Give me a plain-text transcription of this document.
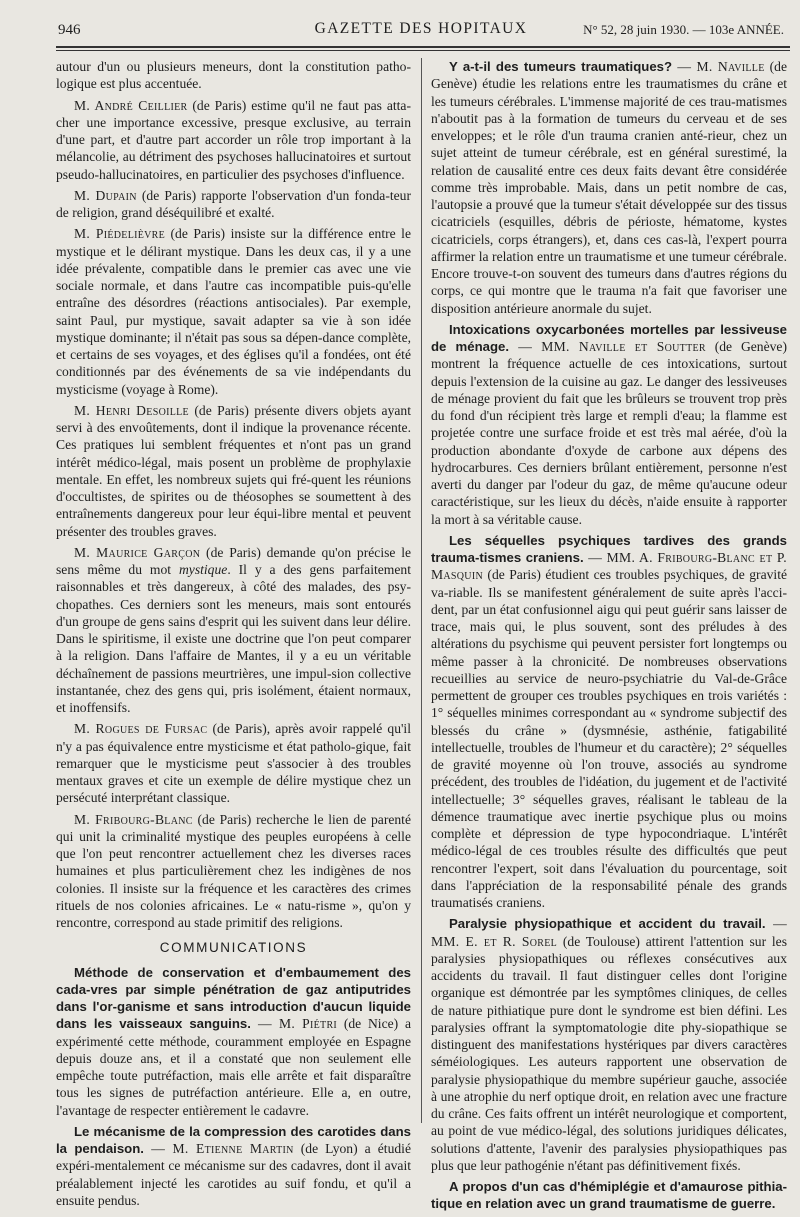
946	GAZETTE DES HOPITAUX	N° 52, 28 juin 1930. — 103e ANNÉE.

autour d'un ou plusieurs meneurs, dont la constitution patho-logique est plus accentuée.

M. André Ceillier (de Paris) estime qu'il ne faut pas atta-cher une importance excessive, presque exclusive, au terrain d'une part, et d'autre part accorder un rôle trop important à la mélancolie, au détriment des psychoses hallucinatoires et surtout pseudo-hallucinatoires, en particulier des psychoses d'influence.

M. Dupain (de Paris) rapporte l'observation d'un fonda-teur de religion, grand déséquilibré et exalté.

M. Piédelièvre (de Paris) insiste sur la différence entre le mystique et le délirant mystique. Dans les deux cas, il y a une idée prévalente, compatible dans le premier cas avec une vie sociale normale, et dans l'autre cas incompatible puis-qu'elle entraîne des désordres (réactions antisociales). Par exemple, saint Paul, pur mystique, savait adapter sa vie à son idée mystique dominante; il n'était pas sous sa dépen-dance complète, et certains de ses voyages, et des églises qu'il a fondées, ont été conditionnés par des événements de sa vie indépendants du mysticisme (voyage à Rome).

M. Henri Desoille (de Paris) présente divers objets ayant servi à des envoûtements, dont il indique la provenance récente. Ces pratiques lui semblent fréquentes et n'ont pas un grand intérêt médico-légal, mais posent un problème de prophylaxie mentale. En effet, les nombreux sujets qui fré-quent les réunions d'occultistes, de spirites ou de théosophes se soumettent à des entraînements dangereux pour leur équi-libre mental et peuvent présenter des troubles graves.

M. Maurice Garçon (de Paris) demande qu'on précise le sens même du mot mystique. Il y a des gens parfaitement raisonnables et très dangereux, à côté des malades, des psy-chopathes. Ces derniers sont les meneurs, mais sont entourés d'un groupe de gens sains d'esprit qui les suivent dans leur délire. Dans le spiritisme, il existe une doctrine que l'on peut comparer à la religion. Dans l'affaire de Mantes, il y a eu un véritable déchaînement de passions meurtrières, une impul-sion collective instantanée, chez des gens qui, pris isolément, étaient normaux, et inoffensifs.

M. Rogues de Fursac (de Paris), après avoir rappelé qu'il n'y a pas équivalence entre mysticisme et état patholo-gique, fait remarquer que le mysticisme peut s'associer à des troubles mentaux graves et cite un exemple de délire mystique chez un persécuté interprétant classique.

M. Fribourg-Blanc (de Paris) recherche le lien de parenté qui unit la criminalité mystique des peuples européens à celle que l'on peut rencontrer actuellement chez les diverses races humaines et plus particulièrement chez les indigènes de nos colonies. Il insiste sur la fréquence et les caractères des crimes rituels de nos colonies africaines. Le « natu-risme », qu'on y rencontre, correspond au stade primitif des religions.

COMMUNICATIONS

Méthode de conservation et d'embaumement des cada-vres par simple pénétration de gaz antiputrides dans l'or-ganisme et sans introduction d'aucun liquide dans les vaisseaux sanguins. — M. Piétri (de Nice) a expérimenté cette méthode, couramment employée en Espagne depuis douze ans, et il a constaté que non seulement elle empêche toute putréfaction, mais elle arrête et fait disparaître tous les signes de putréfaction antérieure. Elle a, en outre, l'avantage de respecter entièrement le cadavre.

Le mécanisme de la compression des carotides dans la pendaison. — M. Etienne Martin (de Lyon) a étudié expéri-mentalement ce mécanisme sur des cadavres, dont il avait préalablement injecté les carotides au suif fondu, et qu'il a ensuite pendus.

Y a-t-il des tumeurs traumatiques? — M. Naville (de Genève) étudie les relations entre les traumatismes du crâne et les tumeurs cérébrales. L'immense majorité de ces trau-matismes n'aboutit pas à la formation de tumeurs du cerveau et de ses enveloppes; et le rôle d'un trauma cranien anté-rieur, chez un sujet atteint de tumeur cérébrale, est en général surestimé, la relation de causalité entre ces deux faits devant être considérée comme très improbable. Mais, dans un petit nombre de cas, l'autopsie a prouvé que la tumeur s'était développée sur des tissus cicatriciels (esquilles, débris de périoste, hématome, kystes cicatriciels, corps étrangers), et, dans ces cas-là, l'expert pourra affirmer la relation entre un traumatisme et une tumeur cérébrale. Encore trouve-t-on souvent des tumeurs dans d'autres régions du corps, ce qui montre que le trauma n'a fait que favoriser une disposition antérieure anormale du sujet.

Intoxications oxycarbonées mortelles par lessiveuse de ménage. — MM. Naville et Soutter (de Genève) montrent la fréquence actuelle de ces intoxications, surtout depuis l'extension de la cuisine au gaz. Le danger des lessiveuses de ménage provient du fait que les brûleurs se trouvent trop près du fond d'un récipient très large et rempli d'eau; la flamme est projetée contre une surface froide et est très mal aérée, d'où la production abondante d'oxyde de carbone aux dépens des hydrocarbures. Ces derniers brûlant entièrement, personne n'est averti du danger par l'odeur du gaz, de même qu'aucune odeur caractéristique, sur les lieux du décès, n'aide ensuite à rapporter la mort à sa véritable cause.

Les séquelles psychiques tardives des grands trauma-tismes craniens. — MM. A. Fribourg-Blanc et P. Masquin (de Paris) étudient ces troubles psychiques, de gravité va-riable. Ils se manifestent généralement de suite après l'acci-dent, par un état confusionnel aigu qui peut guérir sans laisser de trace, mais qui, le plus souvent, sont des préludes à des altérations du psychisme qui peuvent persister fort longtemps ou même passer à la chronicité. De nombreuses observations recueillies au service de neuro-psychiatrie du Val-de-Grâce permettent de grouper ces troubles psychiques en trois variétés : 1° séquelles minimes correspondant au « syndrome subjectif des blessés du crâne » (dysmnésie, asthénie, fatigabilité intellectuelle, troubles de l'humeur et du caractère); 2° séquelles de gravité moyenne où l'on trouve, associés au syndrome précédent, des troubles de l'idéation, du jugement et de l'activité intellectuelle; 3° séquelles graves, réalisant le tableau de la démence traumatique avec inertie psychique plus ou moins complète et dépression de type hypocondriaque. L'intérêt médico-légal de ces troubles résulte des difficultés que peut rencontrer l'expert, soit dans l'évaluation du pourcentage, soit dans l'appréciation de la responsabilité pénale des grands traumatisés craniens.

Paralysie physiopathique et accident du travail. — MM. E. et R. Sorel (de Toulouse) attirent l'attention sur les paralysies physiopathiques ou réflexes consécutives aux accidents du travail. Il faut distinguer celles dont l'origine organique est démontrée par les symptômes cliniques, de celles de nature pithiatique pure dont le syndrome est bien défini. Les paralysies offrant la symptomatologie dite phy-siopathique se distinguent des manifestations hystériques par divers caractères séméiologiques. Les auteurs rapportent une observation de paralysie physiopathique du membre supérieur gauche, associée à une atrophie du nerf optique droit, en relation avec une fracture du crâne. Ces faits offrent un intérêt neurologique et comportent, au point de vue médico-légal, des solutions juridiques délicates, solutions d'attente, l'avenir des paralysies physiopathiques pas plus que leur pathogénie n'étant pas définitivement fixés.

A propos d'un cas d'hémiplégie et d'amaurose pithia-tique en relation avec un grand traumatisme de guerre.
